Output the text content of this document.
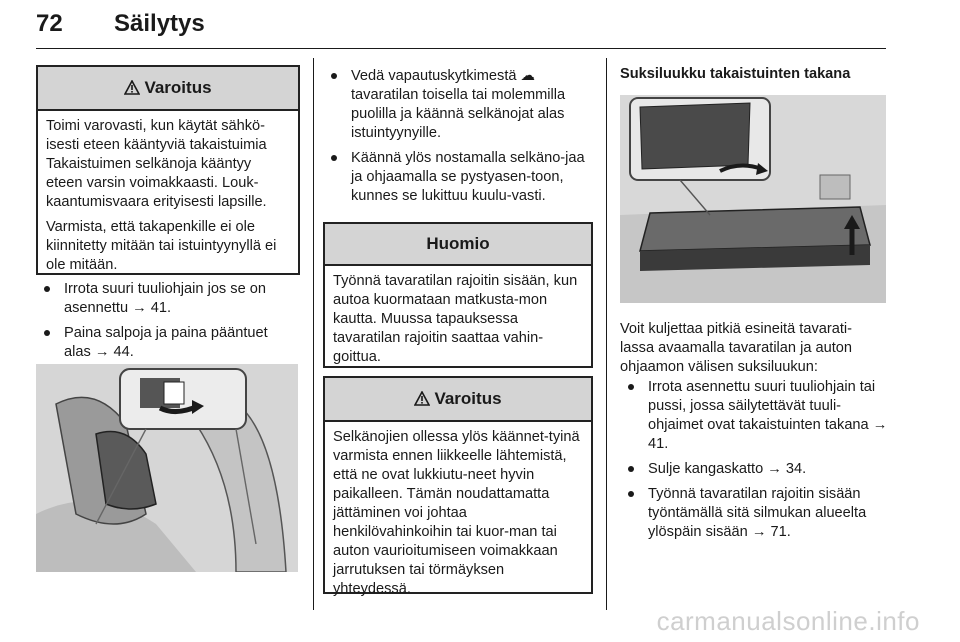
72 Säilytys
Varoitus

Toimi varovasti, kun käytät sähkö-isesti eteen kääntyviä takaistuimia Takaistuimen selkänoja kääntyy eteen varsin voimakkaasti. Louk-kaantumisvaara erityisesti lapsille.

Varmista, että takapenkille ei ole kiinnitetty mitään tai istuintyynyllä ei ole mitään.

Irrota suuri tuuliohjain jos se on asennettu → 41.
Paina salpoja ja paina pääntuet alas → 44.
Vedä vapautuskytkimestä ☁ tavaratilan toisella tai molemmilla puolilla ja käännä selkänojat alas istuintyynyille.
Käännä ylös nostamalla selkäno-jaa ja ohjaamalla se pystyasen-toon, kunnes se lukittuu kuulu-vasti.
Huomio

Työnnä tavaratilan rajoitin sisään, kun autoa kuormataan matkusta-mon kautta. Muussa tapauksessa tavaratilan rajoitin saattaa vahin-goittua.

Varoitus

Selkänojien ollessa ylös käännet-tyinä varmista ennen liikkeelle lähtemistä, että ne ovat lukkiutu-neet hyvin paikalleen. Tämän noudattamatta jättäminen voi johtaa henkilövahinkoihin tai kuor-man tai auton vaurioitumiseen voimakkaan jarrutuksen tai törmäyksen yhteydessä.

Suksiluukku takaistuinten takana
Voit kuljettaa pitkiä esineitä tavarati-lassa avaamalla tavaratilan ja auton ohjaamon välisen suksiluukun:
Irrota asennettu suuri tuuliohjain tai pussi, jossa säilytettävät tuuli-ohjaimet ovat takaistuinten takana → 41.
Sulje kangaskatto → 34.
Työnnä tavaratilan rajoitin sisään työntämällä sitä silmukan alueelta ylöspäin sisään → 71.
carmanualsonline.info
